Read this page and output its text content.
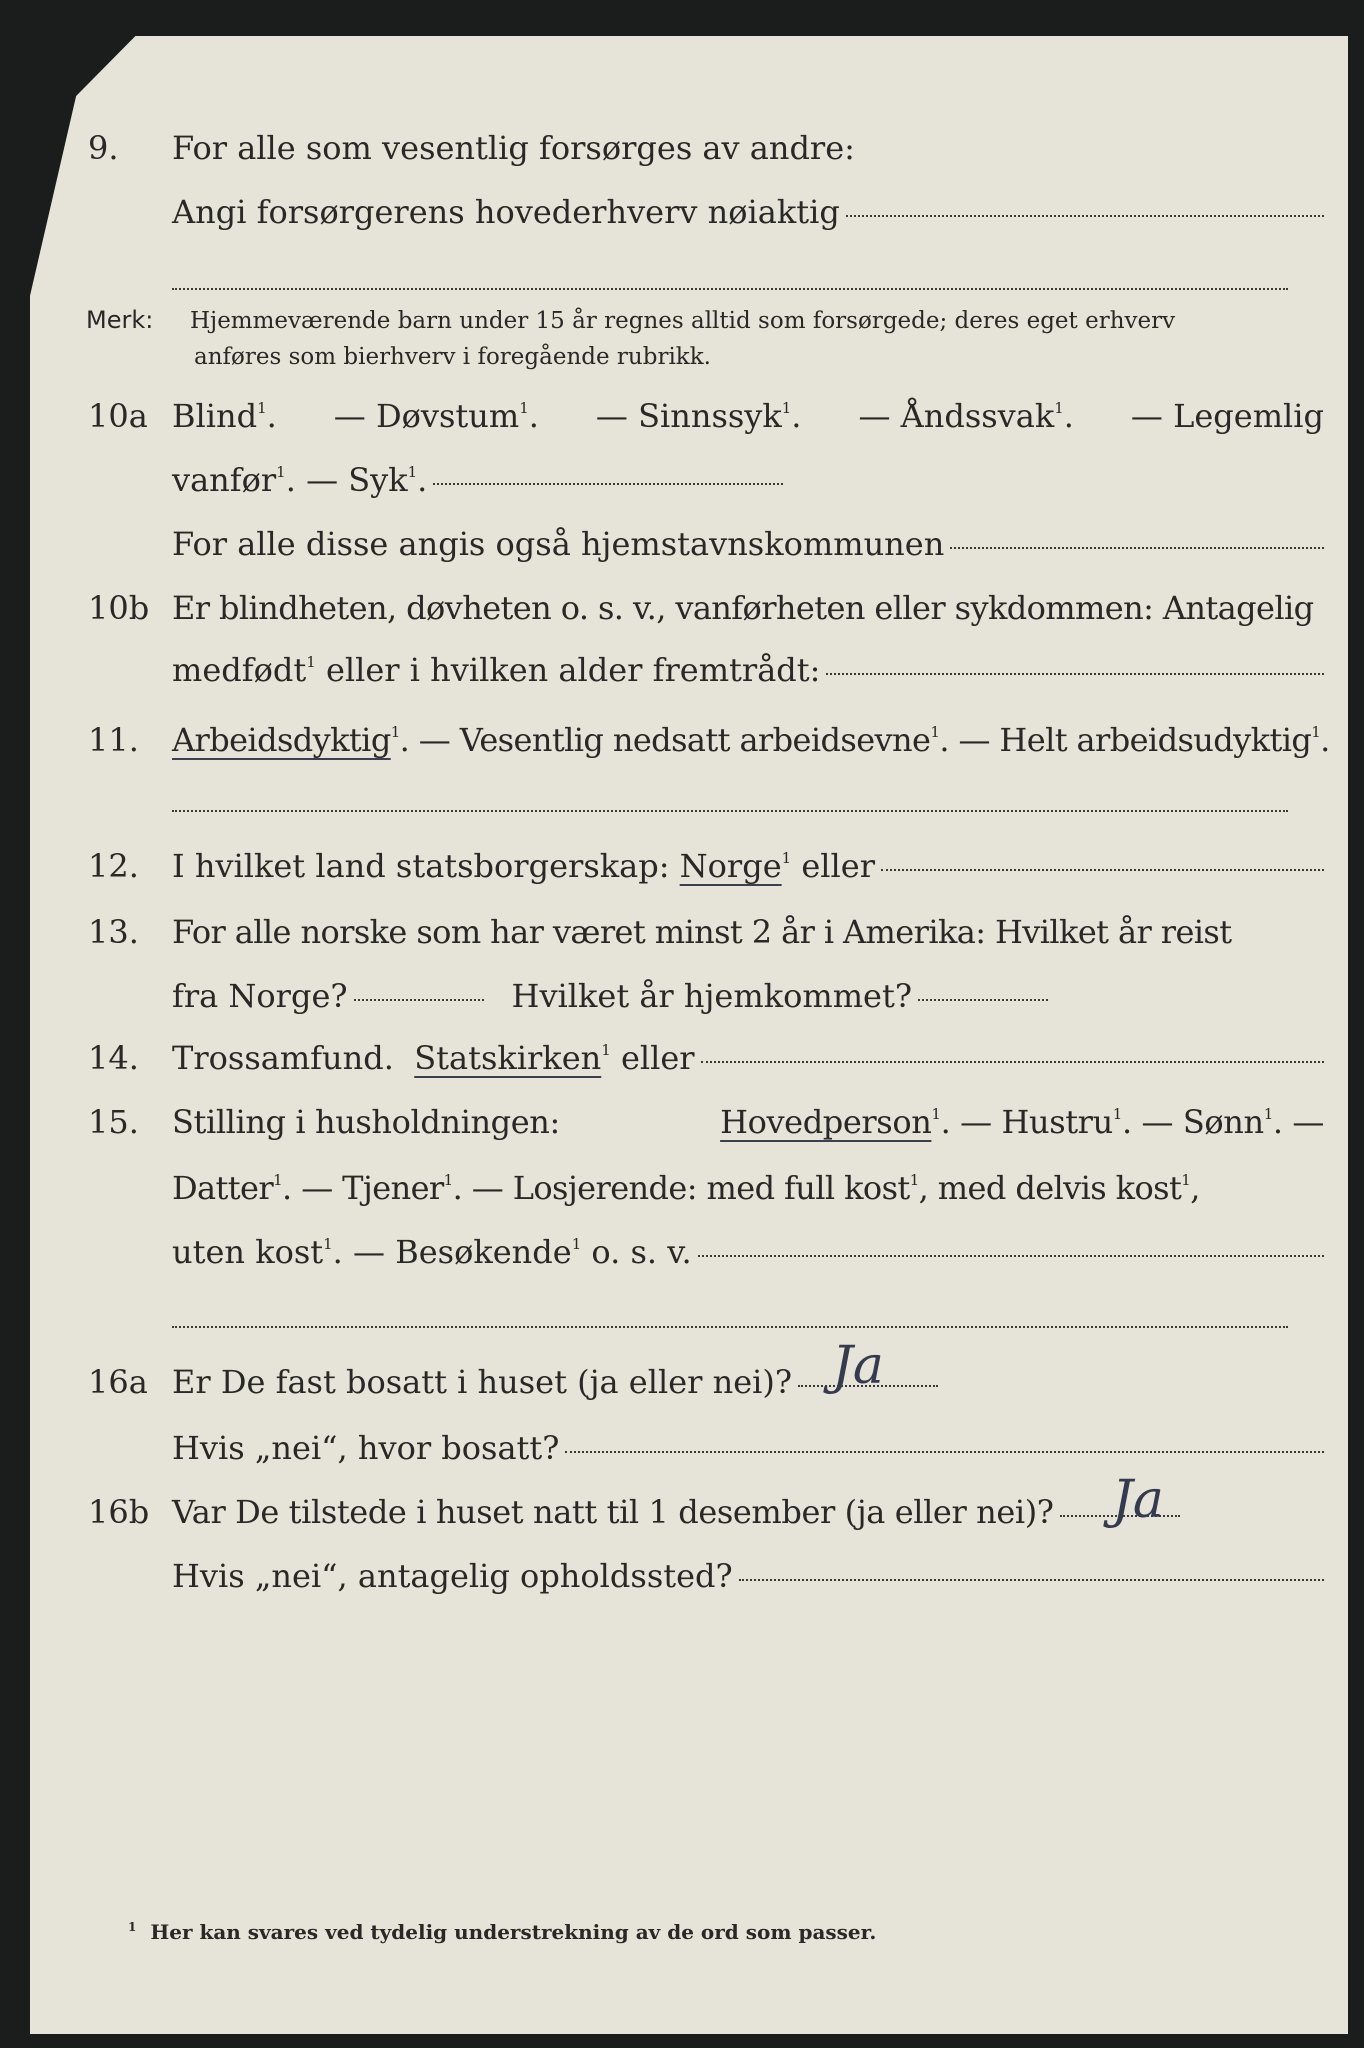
9.	For alle som vesentlig forsørges av andre:
Angi forsørgerens hovederhverv nøiaktig
Merk: Hjemmeværende barn under 15 år regnes alltid som forsørgede; deres eget erhverv
anføres som bierhverv i foregående rubrikk.
10a Blind$^1$. — Døvstum$^1$. — Sinnssyk$^1$. — Åndssvak$^1$. — Legemlig
vanfør$^1$. — Syk$^1$.
For alle disse angis også hjemstavnskommunen
10b Er blindheten, døvheten o. s. v., vanførheten eller sykdommen: Antagelig
medfødt$^1$ eller i hvilken alder fremtrådt:
11.	Arbeidsdyktig$^1$. — Vesentlig nedsatt arbeidsevne$^1$. — Helt arbeidsudyktig$^1$.
12.	I hvilket land statsborgerskap: Norge$^1$ eller
13.	For alle norske som har været minst 2 år i Amerika: Hvilket år reist
fra Norge?	Hvilket år hjemkommet?
14.	Trossamfund. Statskirken$^1$ eller
15.	Stilling i husholdningen:	Hovedperson$^1$. — Hustru$^1$. — Sønn$^1$. —
Datter$^1$. — Tjener$^1$. — Losjerende: med full kost$^1$, med delvis kost$^1$,
uten kost$^1$. — Besøkende$^1$ o. s. v.
16a Er De fast bosatt i huset (ja eller nei)? Ja
Hvis „nei“, hvor bosatt?
16b Var De tilstede i huset natt til 1 desember (ja eller nei)? Ja
Hvis „nei“, antagelig opholdssted?
$^1$ Her kan svares ved tydelig understrekning av de ord som passer.
